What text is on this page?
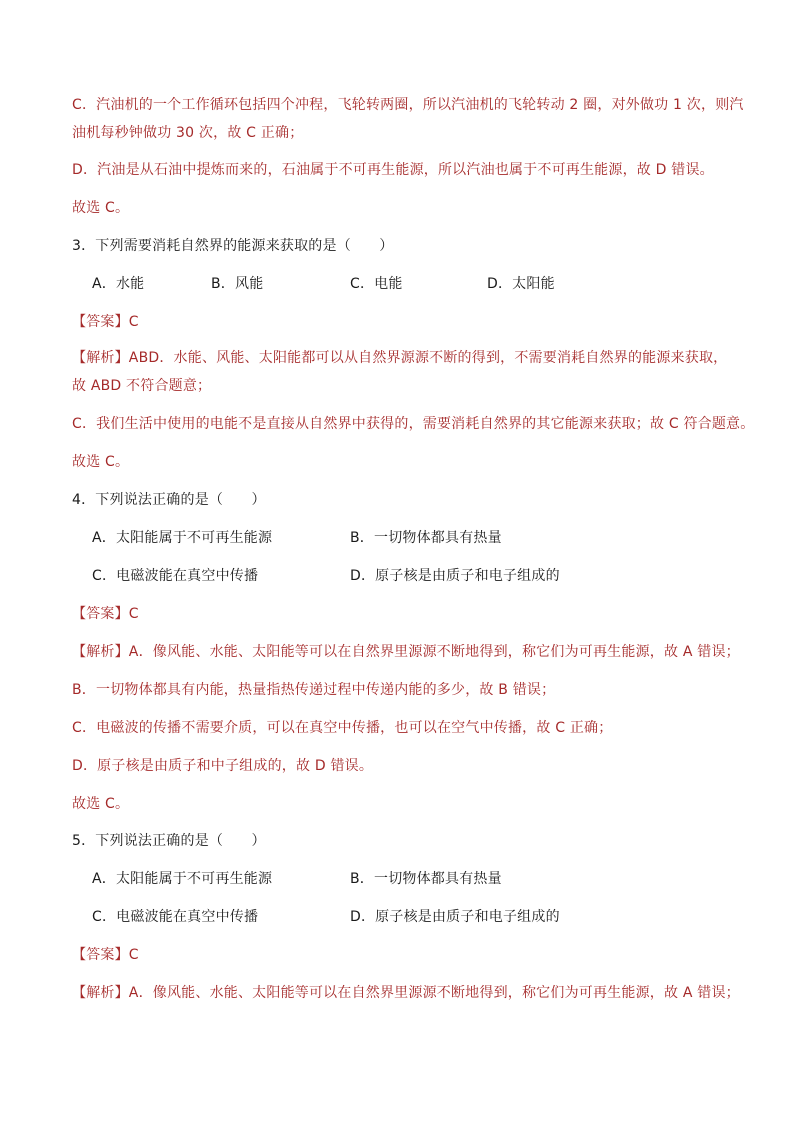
C．汽油机的一个工作循环包括四个冲程，飞轮转两圈，所以汽油机的飞轮转动 2 圈，对外做功 1 次，则汽
油机每秒钟做功 30 次，故 C 正确；
D．汽油是从石油中提炼而来的，石油属于不可再生能源，所以汽油也属于不可再生能源，故 D 错误。
故选 C。
3．下列需要消耗自然界的能源来获取的是（　　）
A．水能	B．风能	C．电能	D．太阳能
【答案】C
【解析】ABD．水能、风能、太阳能都可以从自然界源源不断的得到，不需要消耗自然界的能源来获取，
故 ABD 不符合题意；
C．我们生活中使用的电能不是直接从自然界中获得的，需要消耗自然界的其它能源来获取；故 C 符合题意。
故选 C。
4．下列说法正确的是（　　）
A．太阳能属于不可再生能源	B．一切物体都具有热量
C．电磁波能在真空中传播	D．原子核是由质子和电子组成的
【答案】C
【解析】A．像风能、水能、太阳能等可以在自然界里源源不断地得到，称它们为可再生能源，故 A 错误；
B．一切物体都具有内能，热量指热传递过程中传递内能的多少，故 B 错误；
C．电磁波的传播不需要介质，可以在真空中传播，也可以在空气中传播，故 C 正确；
D．原子核是由质子和中子组成的，故 D 错误。
故选 C。
5．下列说法正确的是（　　）
A．太阳能属于不可再生能源	B．一切物体都具有热量
C．电磁波能在真空中传播	D．原子核是由质子和电子组成的
【答案】C
【解析】A．像风能、水能、太阳能等可以在自然界里源源不断地得到，称它们为可再生能源，故 A 错误；
